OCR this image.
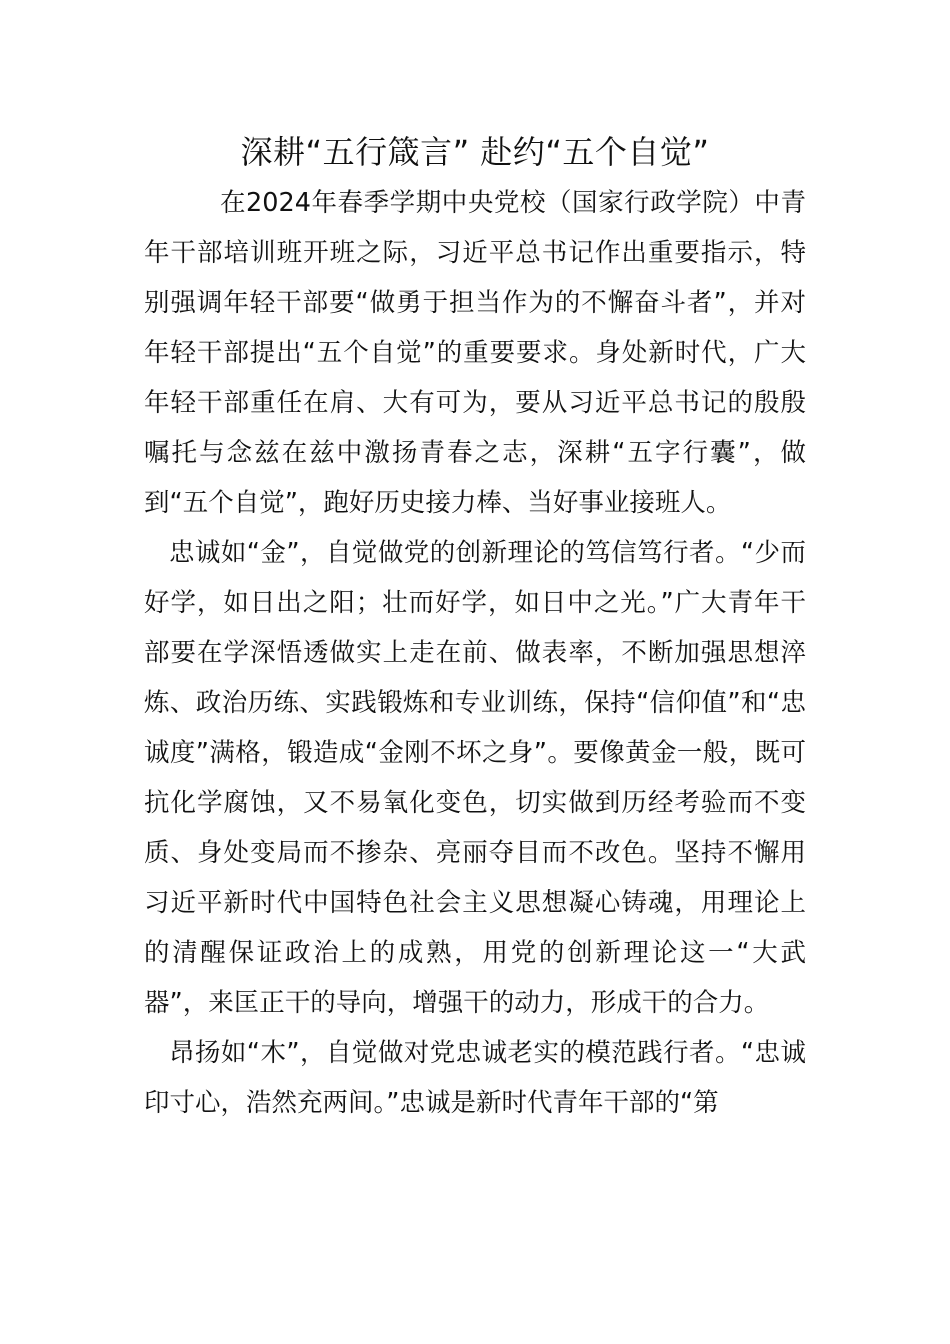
深耕“五行箴言” 赴约“五个自觉”

在2024年春季学期中央党校（国家行政学院）中青年干部培训班开班之际，习近平总书记作出重要指示，特别强调年轻干部要“做勇于担当作为的不懈奋斗者”，并对年轻干部提出“五个自觉”的重要要求。身处新时代，广大年轻干部重任在肩、大有可为，要从习近平总书记的殷殷嘱托与念兹在兹中激扬青春之志，深耕“五字行囊”，做到“五个自觉”，跑好历史接力棒、当好事业接班人。

忠诚如“金”，自觉做党的创新理论的笃信笃行者。“少而好学，如日出之阳；壮而好学，如日中之光。”广大青年干部要在学深悟透做实上走在前、做表率，不断加强思想淬炼、政治历练、实践锻炼和专业训练，保持“信仰值”和“忠诚度”满格，锻造成“金刚不坏之身”。要像黄金一般，既可抗化学腐蚀，又不易氧化变色，切实做到历经考验而不变质、身处变局而不掺杂、亮丽夺目而不改色。坚持不懈用习近平新时代中国特色社会主义思想凝心铸魂，用理论上的清醒保证政治上的成熟，用党的创新理论这一“大武器”，来匡正干的导向，增强干的动力，形成干的合力。

昂扬如“木”，自觉做对党忠诚老实的模范践行者。“忠诚印寸心，浩然充两间。”忠诚是新时代青年干部的“第
